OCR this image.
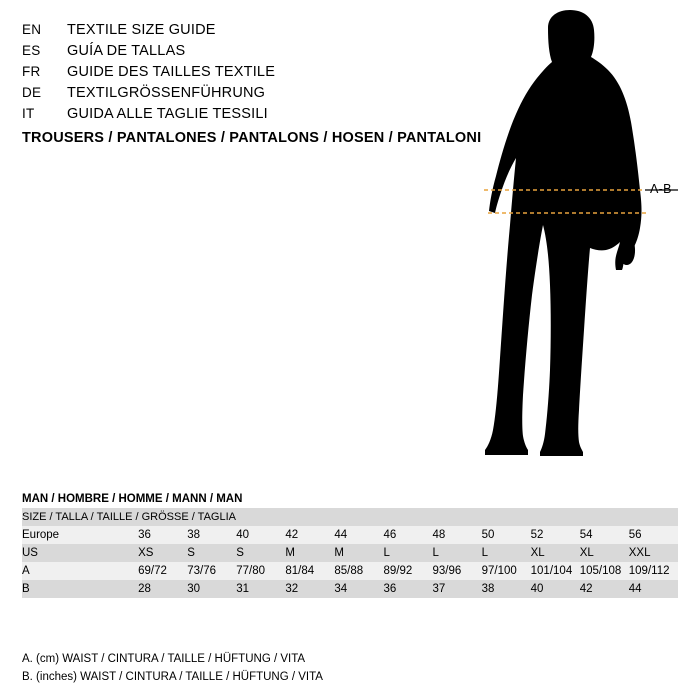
EN	TEXTILE SIZE GUIDE
ES	GUÍA DE TALLAS
FR	GUIDE DES TAILLES TEXTILE
DE	TEXTILGRÖSSENFÜHRUNG
IT	GUIDA ALLE TAGLIE TESSILI
TROUSERS / PANTALONES / PANTALONS / HOSEN / PANTALONI
A-B
MAN / HOMBRE / HOMME / MANN / MAN											
SIZE / TALLA / TAILLE / GRÖSSE / TAGLIA											
Europe	36	38	40	42	44	46	48	50	52	54	56
US	XS	S	S	M	M	L	L	L	XL	XL	XXL
A	69/72	73/76	77/80	81/84	85/88	89/92	93/96	97/100	101/104	105/108	109/112
B	28	30	31	32	34	36	37	38	40	42	44
A. (cm) WAIST / CINTURA / TAILLE / HÜFTUNG / VITA
B. (inches) WAIST / CINTURA / TAILLE / HÜFTUNG / VITA
